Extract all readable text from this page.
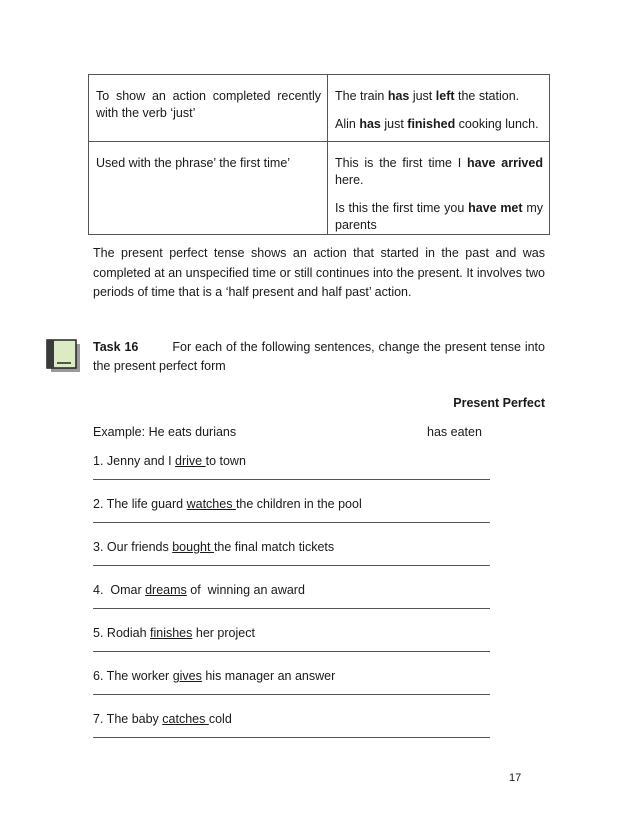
To show an action completed recently with the verb ‘just’	The train has just left the station.

Alin has just finished cooking lunch.

Used with the phrase’ the first time’	This is the first time I have arrived here.

Is this the first time you have met my parents

The present perfect tense shows an action that started in the past and was completed at an unspecified time or still continues into the present. It involves two periods of time that is a ‘half present and half past’ action.

Task 16	For each of the following sentences, change the present tense into the present perfect form

Present Perfect

Example: He eats durians	has eaten
1. Jenny and I drive to town
2. The life guard watches the children in the pool
3. Our friends bought the final match tickets
4.  Omar dreams of  winning an award
5. Rodiah finishes her project
6. The worker gives his manager an answer
7. The baby catches cold

17
